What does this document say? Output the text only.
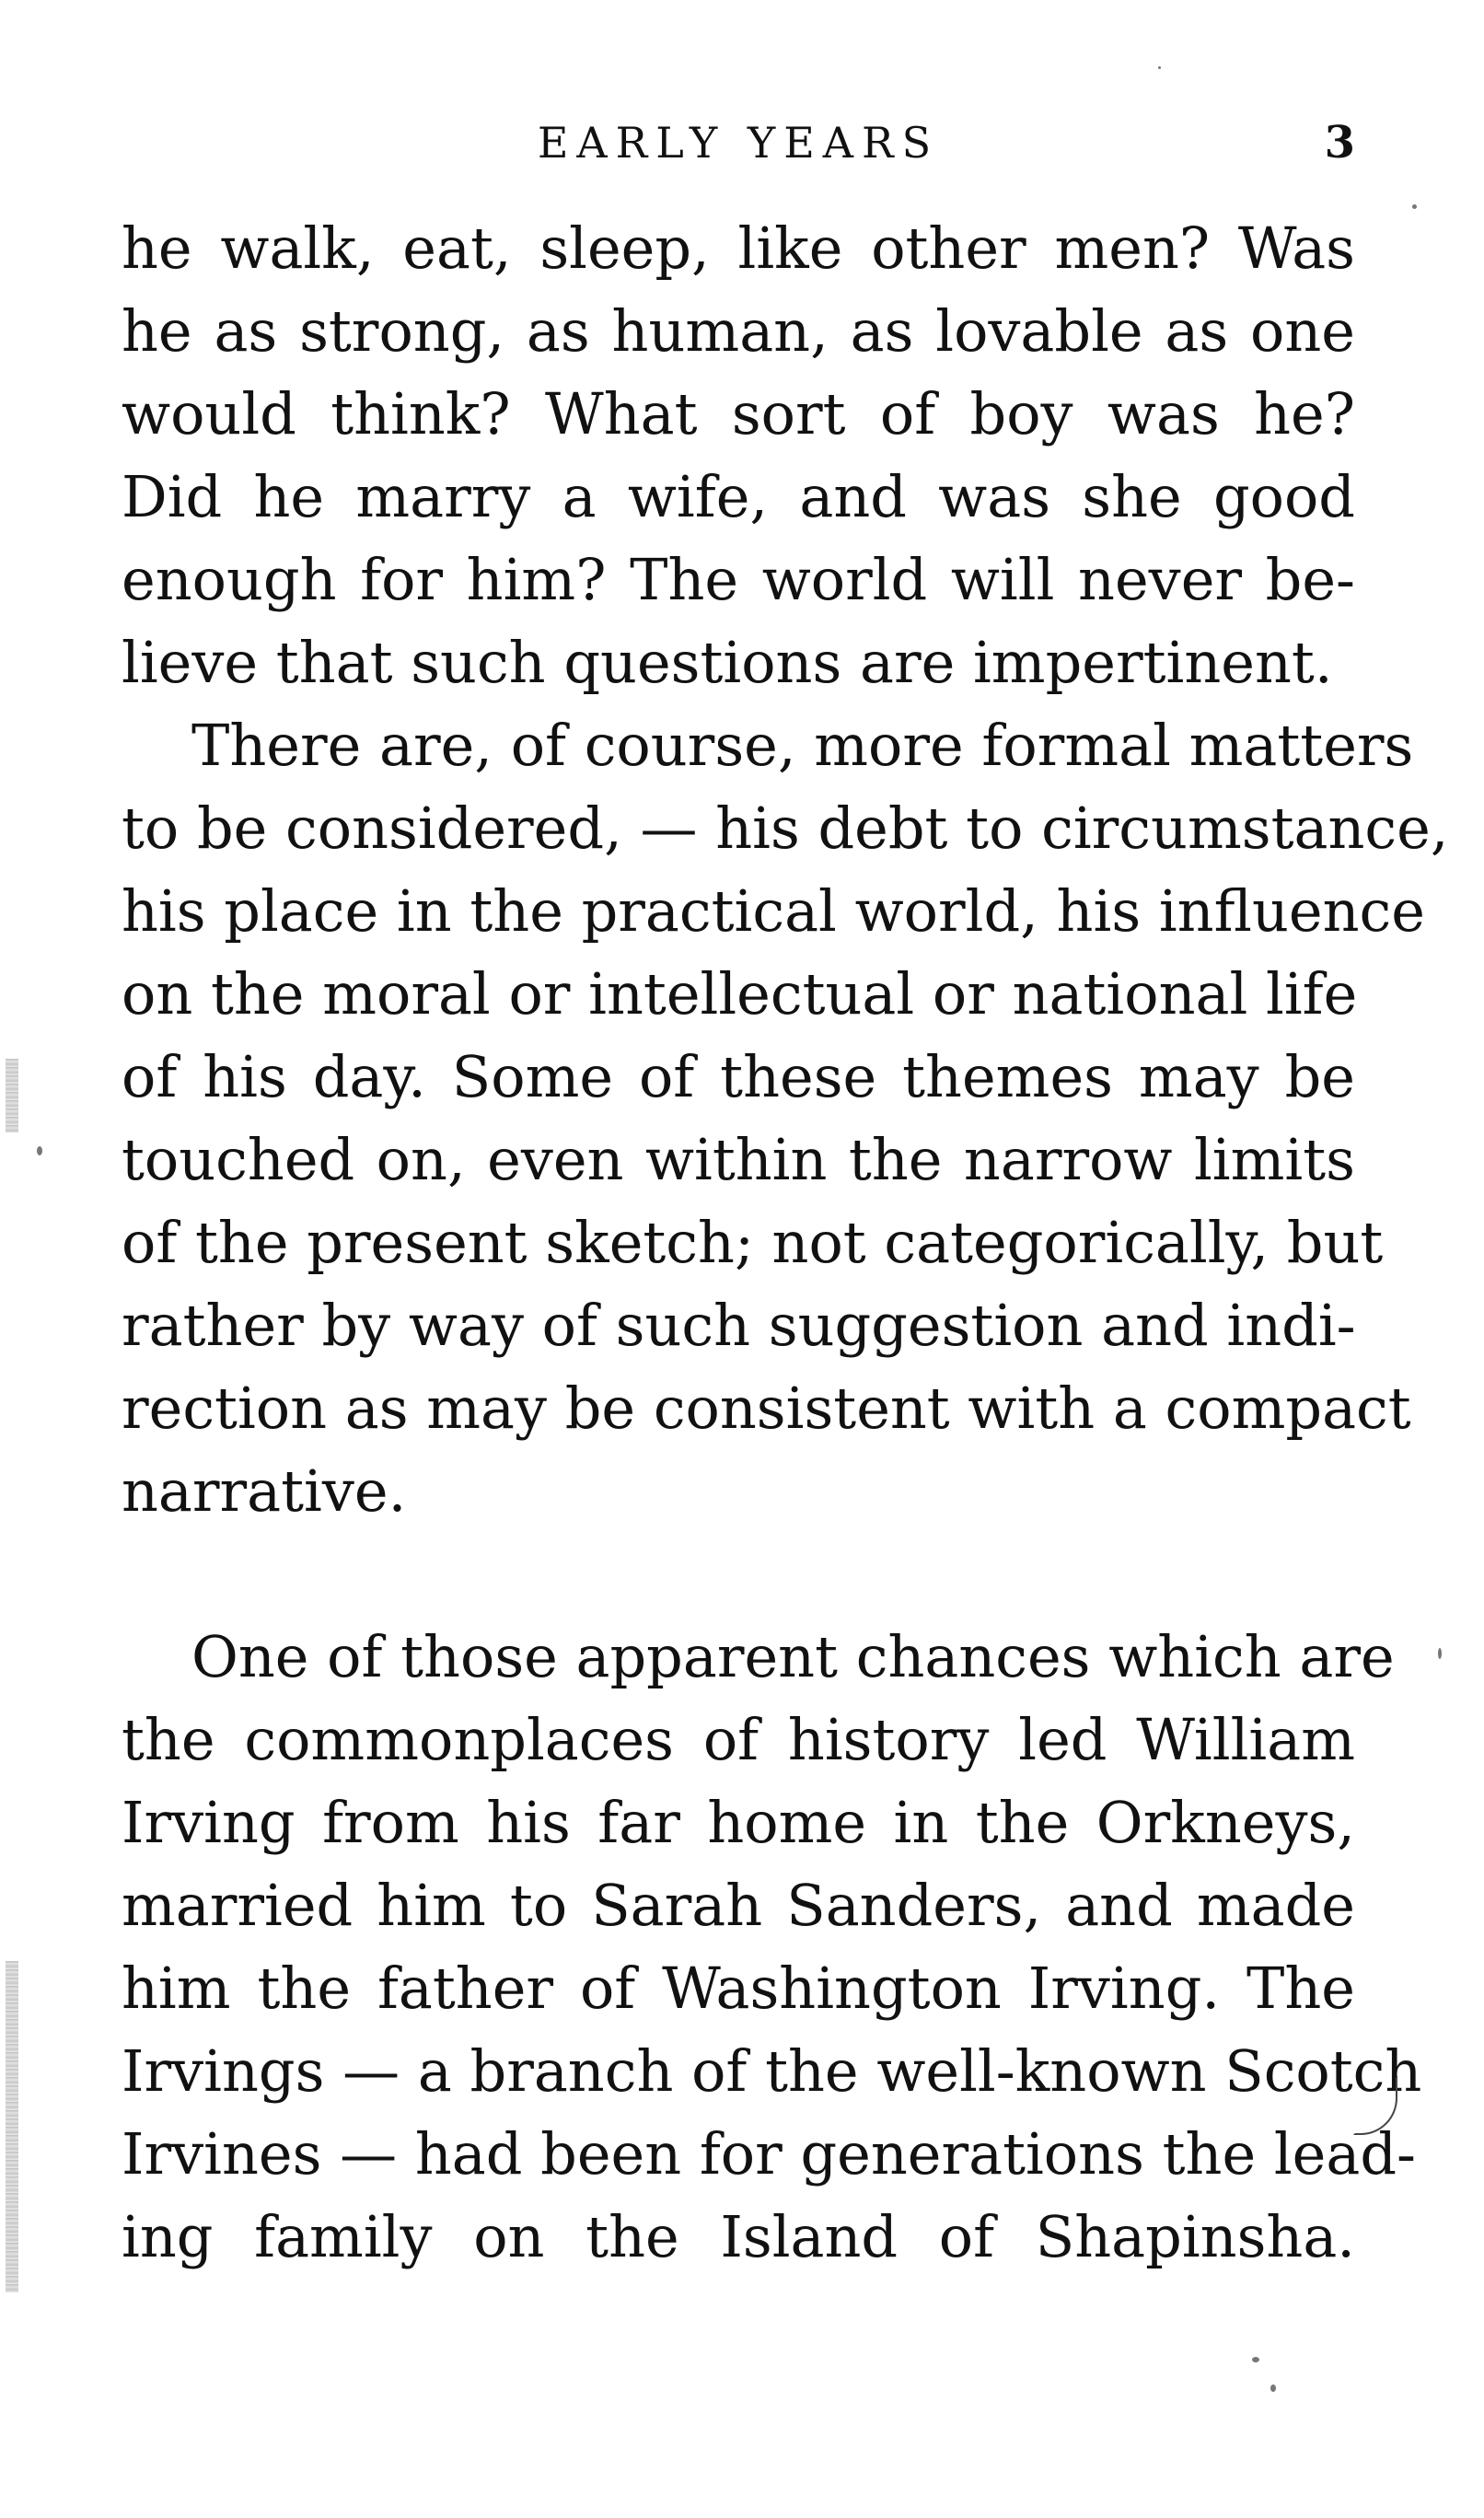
EARLY YEARS	3
he walk, eat, sleep, like other men? Was
he as strong, as human, as lovable as one
would think? What sort of boy was he?
Did he marry a wife, and was she good
enough for him? The world will never be-
lieve that such questions are impertinent.
There are, of course, more formal matters
to be considered, — his debt to circumstance,
his place in the practical world, his influence
on the moral or intellectual or national life
of his day. Some of these themes may be
touched on, even within the narrow limits
of the present sketch; not categorically, but
rather by way of such suggestion and indi-
rection as may be consistent with a compact
narrative.
One of those apparent chances which are
the commonplaces of history led William
Irving from his far home in the Orkneys,
married him to Sarah Sanders, and made
him the father of Washington Irving. The
Irvings — a branch of the well-known Scotch
Irvines — had been for generations the lead-
ing family on the Island of Shapinsha.
